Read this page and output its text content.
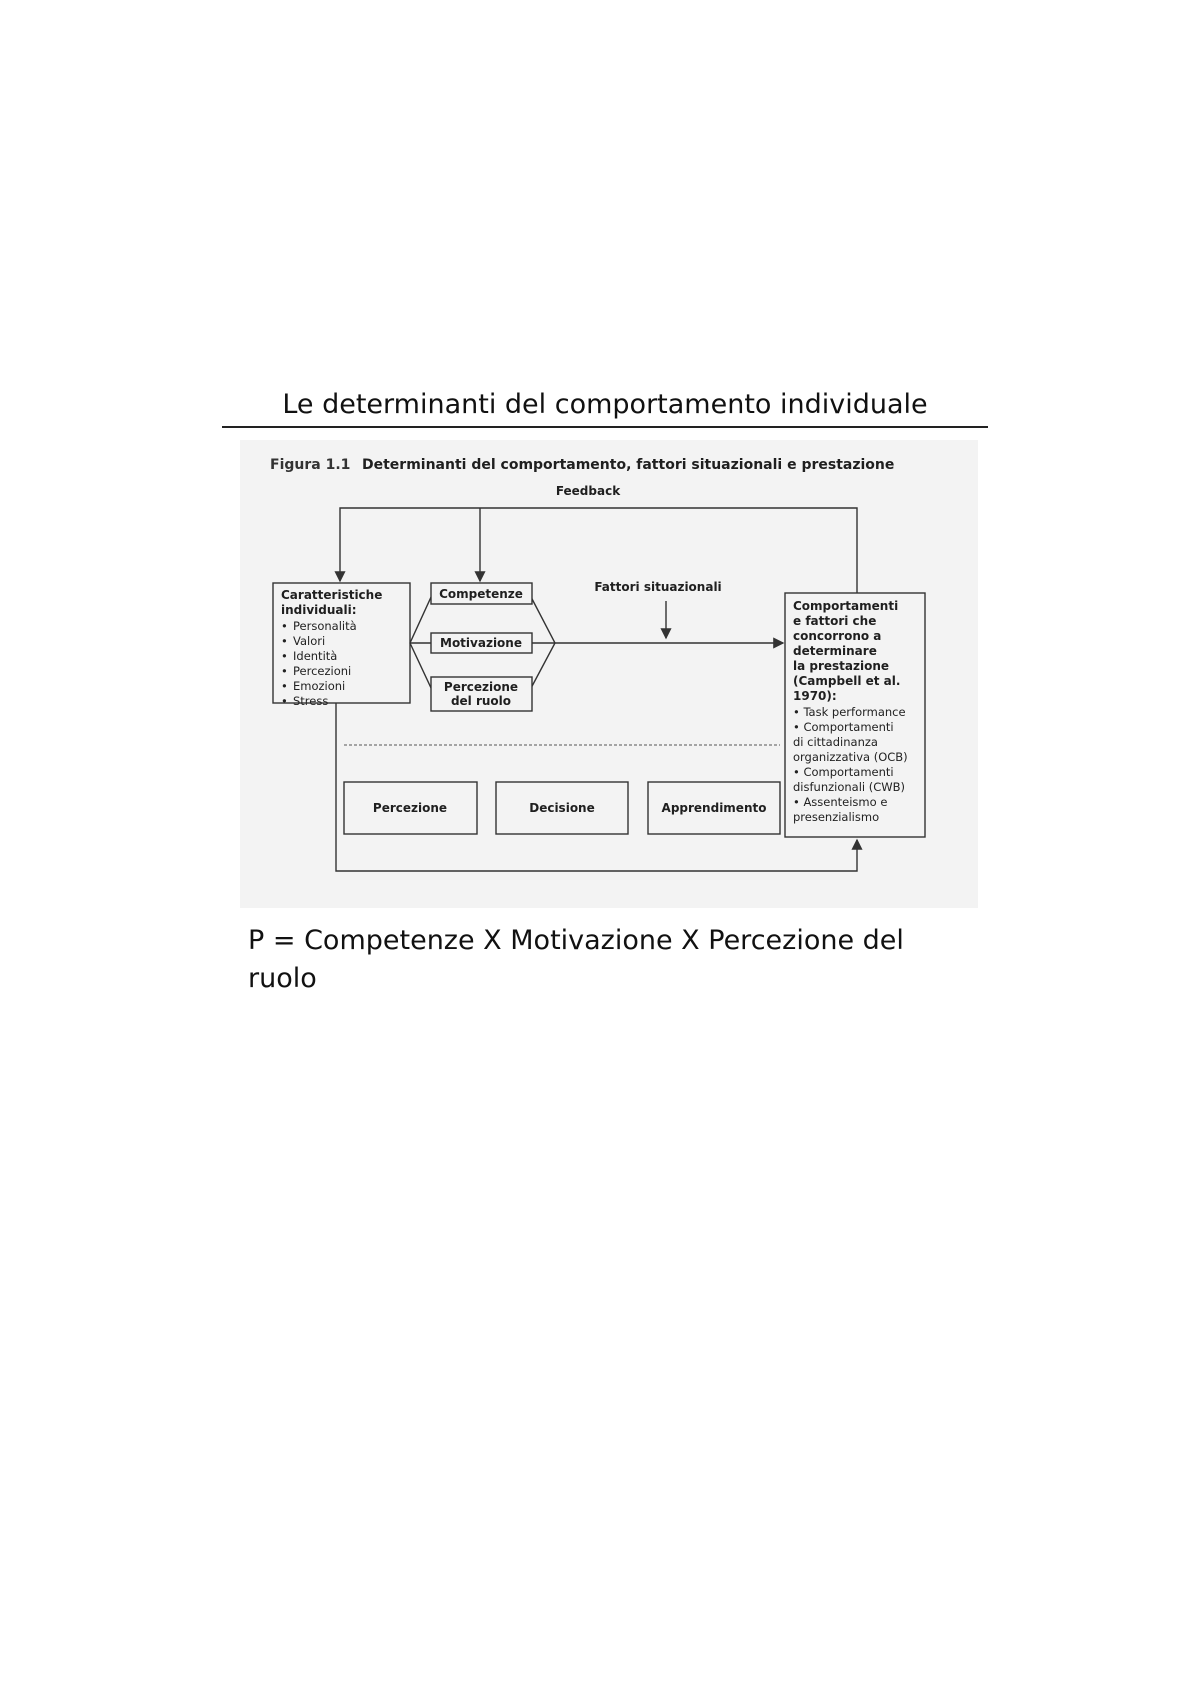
Le determinanti del comportamento individuale
Figura 1.1 Determinanti del comportamento, fattori situazionali e prestazione
Feedback
Caratteristiche
individuali:
• Personalità
• Valori
• Identità
• Percezioni
• Emozioni
• Stress
Competenze
Motivazione
Percezione
del ruolo
Fattori situazionali
Comportamenti
e fattori che
concorrono a
determinare
la prestazione
(Campbell et al.
1970):
• Task performance
• Comportamenti
di cittadinanza
organizzativa (OCB)
• Comportamenti
disfunzionali (CWB)
• Assenteismo e
presenzialismo
Percezione	Decisione	Apprendimento
P = Competenze X Motivazione X Percezione del ruolo
